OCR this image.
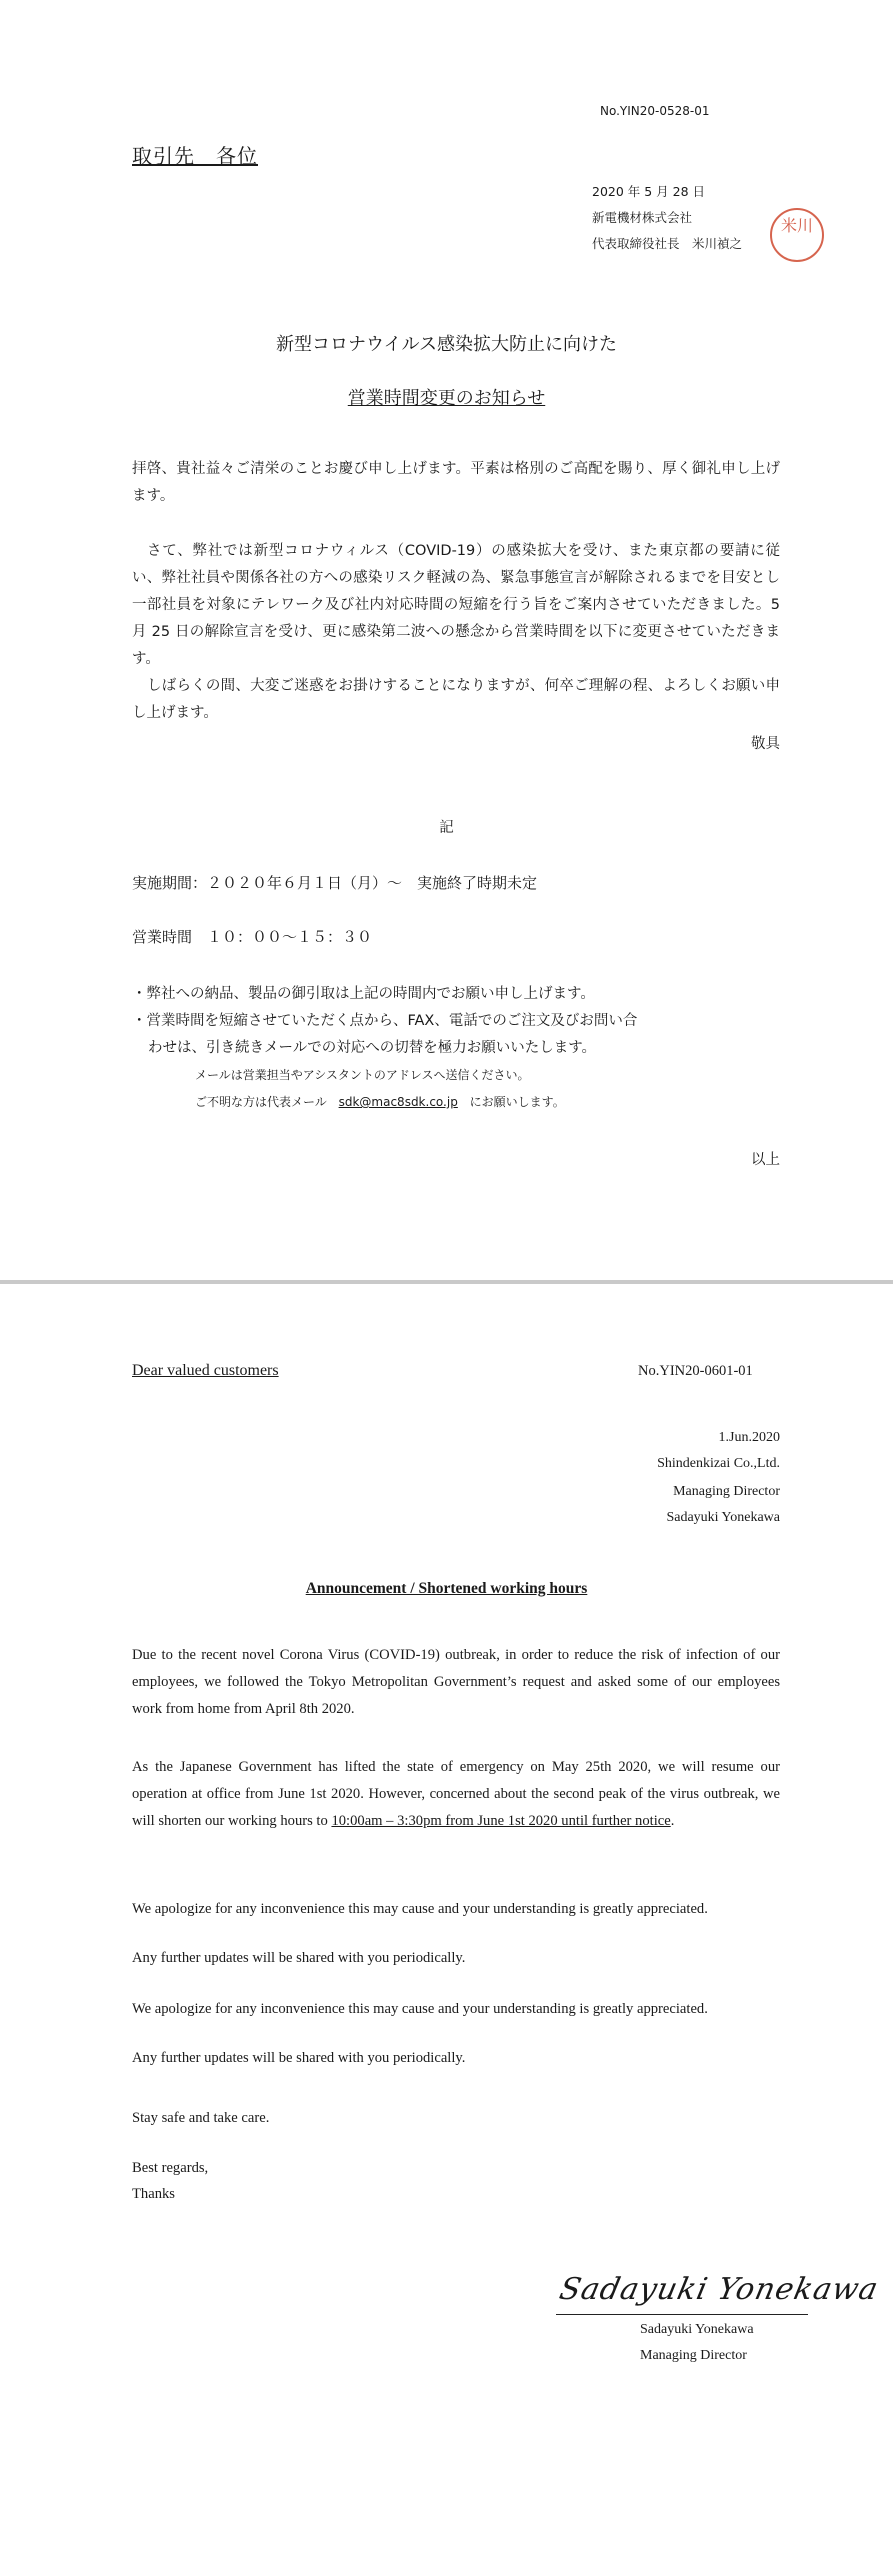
No.YIN20-0528-01
取引先　各位
2020 年 5 月 28 日
新電機材株式会社
代表取締役社長　米川禎之
米川
新型コロナウイルス感染拡大防止に向けた
営業時間変更のお知らせ

拝啓、貴社益々ご清栄のことお慶び申し上げます。平素は格別のご高配を賜り、厚く御礼申し上げます。

さて、弊社では新型コロナウィルス（COVID-19）の感染拡大を受け、また東京都の要請に従い、弊社社員や関係各社の方への感染リスク軽減の為、緊急事態宣言が解除されるまでを目安とし一部社員を対象にテレワーク及び社内対応時間の短縮を行う旨をご案内させていただきました。5 月 25 日の解除宣言を受け、更に感染第二波への懸念から営業時間を以下に変更させていただきます。

しばらくの間、大変ご迷惑をお掛けすることになりますが、何卒ご理解の程、よろしくお願い申し上げます。

敬具
記
実施期間：２０２０年６月１日（月）～　実施終了時期未定
営業時間　１０：００～１５：３０
・弊社への納品、製品の御引取は上記の時間内でお願い申し上げます。
・営業時間を短縮させていただく点から、FAX、電話でのご注文及びお問い合
わせは、引き続きメールでの対応への切替を極力お願いいたします。
メールは営業担当やアシスタントのアドレスへ送信ください。
ご不明な方は代表メール sdk@mac8sdk.co.jp にお願いします。
以上
Dear valued customers	No.YIN20-0601-01
1.Jun.2020
Shindenkizai Co.,Ltd.
Managing Director
Sadayuki Yonekawa
Announcement / Shortened working hours

Due to the recent novel Corona Virus (COVID-19) outbreak, in order to reduce the risk of infection of our employees, we followed the Tokyo Metropolitan Government’s request and asked some of our employees work from home from April 8th 2020.

As the Japanese Government has lifted the state of emergency on May 25th 2020, we will resume our operation at office from June 1st 2020. However, concerned about the second peak of the virus outbreak, we will shorten our working hours to 10:00am – 3:30pm from June 1st 2020 until further notice.

We apologize for any inconvenience this may cause and your understanding is greatly appreciated.

Any further updates will be shared with you periodically.

We apologize for any inconvenience this may cause and your understanding is greatly appreciated.

Any further updates will be shared with you periodically.
Stay safe and take care.
Best regards,
Thanks
Sadayuki Yonekawa
Sadayuki Yonekawa
Managing Director
